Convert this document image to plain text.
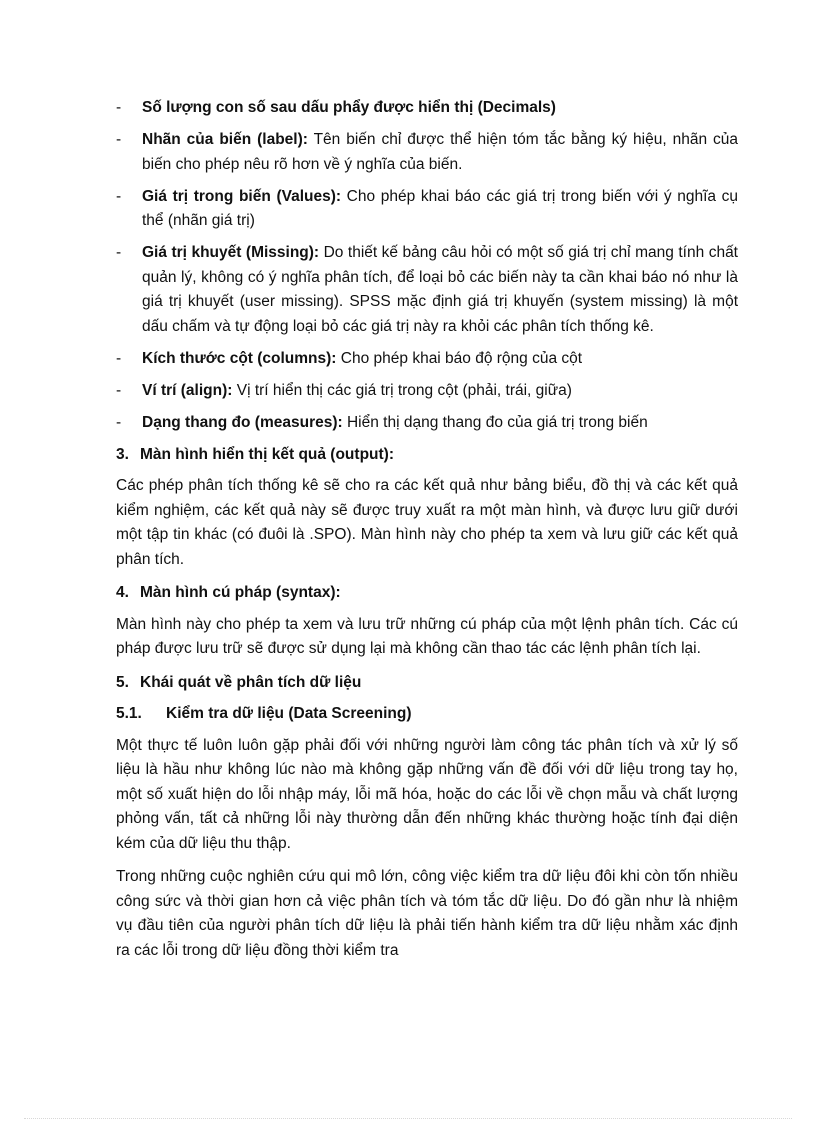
- Số lượng con số sau dấu phẩy được hiển thị (Decimals)
- Nhãn của biến (label): Tên biến chỉ được thể hiện tóm tắc bằng ký hiệu, nhãn của biến cho phép nêu rõ hơn về ý nghĩa của biến.
- Giá trị trong biến (Values): Cho phép khai báo các giá trị trong biến với ý nghĩa cụ thể (nhãn giá trị)
- Giá trị khuyết (Missing): Do thiết kế bảng câu hỏi có một số giá trị chỉ mang tính chất quản lý, không có ý nghĩa phân tích, để loại bỏ các biến này ta cần khai báo nó như là giá trị khuyết (user missing). SPSS mặc định giá trị khuyến (system missing) là một dấu chấm và tự động loại bỏ các giá trị này ra khỏi các phân tích thống kê.
- Kích thước cột (columns): Cho phép khai báo độ rộng của cột
- Ví trí (align): Vị trí hiển thị các giá trị trong cột (phải, trái, giữa)
- Dạng thang đo (measures): Hiển thị dạng thang đo của giá trị trong biến
3. Màn hình hiển thị kết quả (output):
Các phép phân tích thống kê sẽ cho ra các kết quả như bảng biểu, đồ thị và các kết quả kiểm nghiệm, các kết quả này sẽ được truy xuất ra một màn hình, và được lưu giữ dưới một tập tin khác (có đuôi là .SPO). Màn hình này cho phép ta xem và lưu giữ các kết quả phân tích.
4. Màn hình cú pháp (syntax):
Màn hình này cho phép ta xem và lưu trữ những cú pháp của một lệnh phân tích. Các cú pháp được lưu trữ sẽ được sử dụng lại mà không cần thao tác các lệnh phân tích lại.
5. Khái quát về phân tích dữ liệu
5.1. Kiểm tra dữ liệu (Data Screening)
Một thực tế luôn luôn gặp phải đối với những người làm công tác phân tích và xử lý số liệu là hầu như không lúc nào mà không gặp những vấn đề đối với dữ liệu trong tay họ, một số xuất hiện do lỗi nhập máy, lỗi mã hóa, hoặc do các lỗi về chọn mẫu và chất lượng phỏng vấn, tất cả những lỗi này thường dẫn đến những khác thường hoặc tính đại diện kém của dữ liệu thu thập.
Trong những cuộc nghiên cứu qui mô lớn, công việc kiểm tra dữ liệu đôi khi còn tốn nhiều công sức và thời gian hơn cả việc phân tích và tóm tắc dữ liệu. Do đó gần như là nhiệm vụ đầu tiên của người phân tích dữ liệu là phải tiến hành kiểm tra dữ liệu nhằm xác định ra các lỗi trong dữ liệu đồng thời kiểm tra
